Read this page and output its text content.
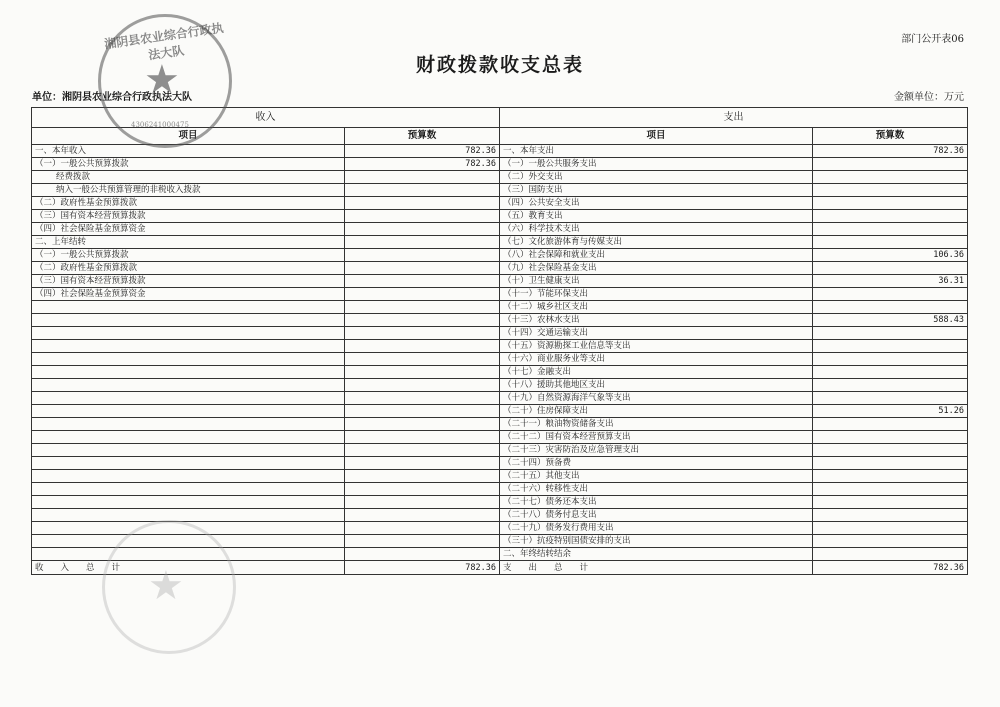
部门公开表06
财政拨款收支总表
单位：湘阴县农业综合行政执法大队	金额单位：万元
收入		支出	
项目	预算数	项目	预算数
一、本年收入	782.36	一、本年支出	782.36
（一）一般公共预算拨款	782.36	（一）一般公共服务支出	
经费拨款		（二）外交支出	
纳入一般公共预算管理的非税收入拨款		（三）国防支出	
（二）政府性基金预算拨款		（四）公共安全支出	
（三）国有资本经营预算拨款		（五）教育支出	
（四）社会保险基金预算资金		（六）科学技术支出	
二、上年结转		（七）文化旅游体育与传媒支出	
（一）一般公共预算拨款		（八）社会保障和就业支出	106.36
（二）政府性基金预算拨款		（九）社会保险基金支出	
（三）国有资本经营预算拨款		（十）卫生健康支出	36.31
（四）社会保险基金预算资金		（十一）节能环保支出	
		（十二）城乡社区支出	
		（十三）农林水支出	588.43
		（十四）交通运输支出	
		（十五）资源勘探工业信息等支出	
		（十六）商业服务业等支出	
		（十七）金融支出	
		（十八）援助其他地区支出	
		（十九）自然资源海洋气象等支出	
		（二十）住房保障支出	51.26
		（二十一）粮油物资储备支出	
		（二十二）国有资本经营预算支出	
		（二十三）灾害防治及应急管理支出	
		（二十四）预备费	
		（二十五）其他支出	
		（二十六）转移性支出	
		（二十七）债务还本支出	
		（二十八）债务付息支出	
		（二十九）债务发行费用支出	
		（三十）抗疫特别国债安排的支出	
		二、年终结转结余	
收　　入　　总　　计	782.36	支　　出　　总　　计	782.36
湘阴县农业综合行政执法大队
★
4306241000475
★
